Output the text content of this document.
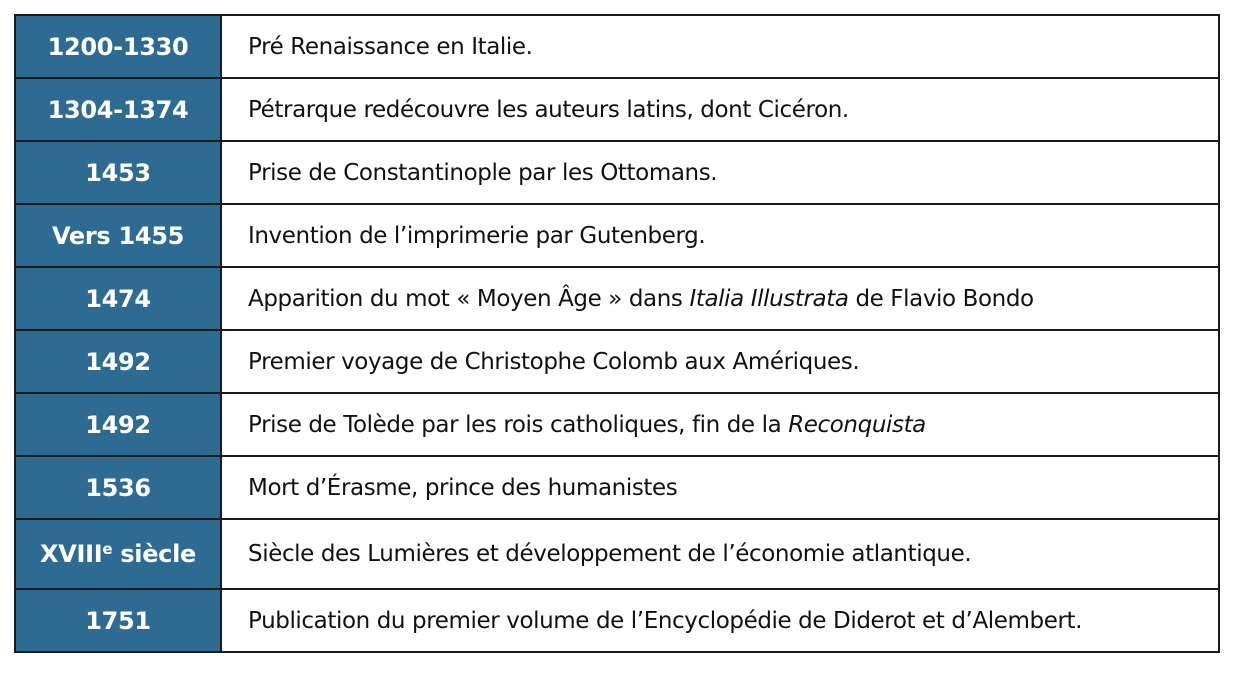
1200-1330	Pré Renaissance en Italie.
1304-1374	Pétrarque redécouvre les auteurs latins, dont Cicéron.
1453	Prise de Constantinople par les Ottomans.
Vers 1455	Invention de l’imprimerie par Gutenberg.
1474	Apparition du mot « Moyen Âge » dans Italia Illustrata de Flavio Bondo
1492	Premier voyage de Christophe Colomb aux Amériques.
1492	Prise de Tolède par les rois catholiques, fin de la Reconquista
1536	Mort d’Érasme, prince des humanistes
XVIIIe siècle	Siècle des Lumières et développement de l’économie atlantique.
1751	Publication du premier volume de l’Encyclopédie de Diderot et d’Alembert.
